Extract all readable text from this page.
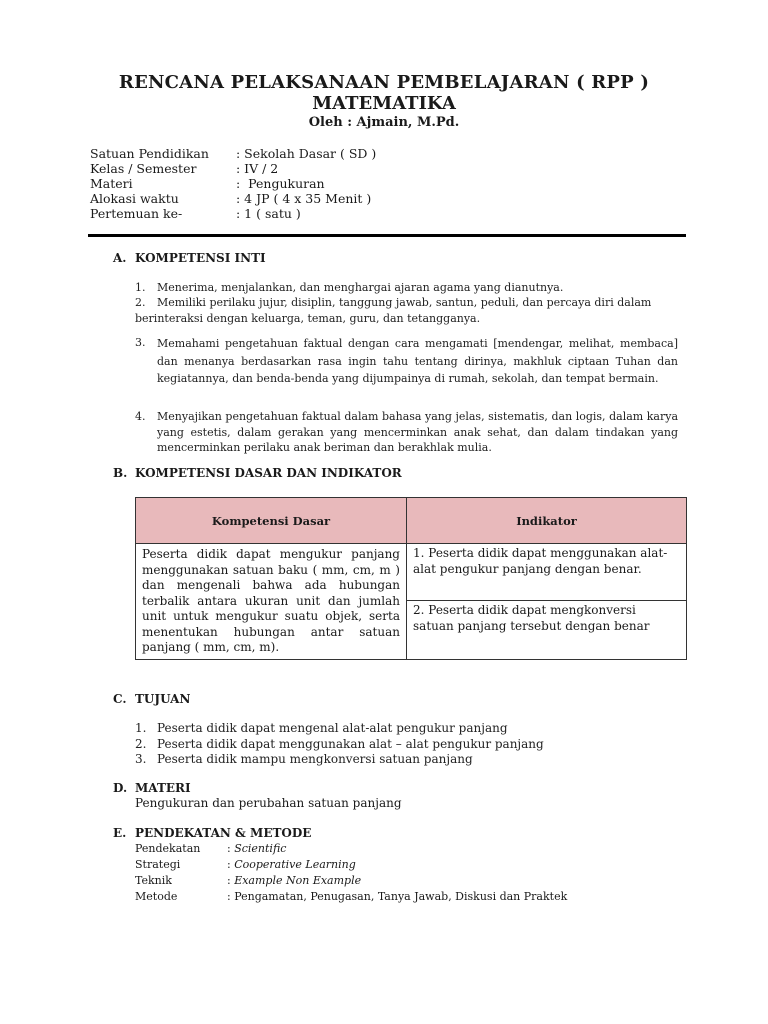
RENCANA PELAKSANAAN PEMBELAJARAN ( RPP )
MATEMATIKA
Oleh : Ajmain, M.Pd.
Satuan Pendidikan	: Sekolah Dasar ( SD )
Kelas / Semester	: IV / 2
Materi	:  Pengukuran
Alokasi waktu	: 4 JP ( 4 x 35 Menit )
Pertemuan ke-	: 1 ( satu )
A. KOMPETENSI INTI
1.	Menerima, menjalankan, dan menghargai ajaran agama yang dianutnya.
2.	Memiliki perilaku jujur, disiplin, tanggung jawab, santun, peduli, dan percaya diri dalam berinteraksi dengan keluarga, teman, guru, dan tetangganya.
3.	Memahami pengetahuan faktual dengan cara mengamati [mendengar, melihat, membaca] dan menanya berdasarkan rasa ingin tahu tentang dirinya, makhluk ciptaan Tuhan dan kegiatannya, dan benda-benda yang dijumpainya di rumah, sekolah, dan tempat bermain.
4.	Menyajikan pengetahuan faktual dalam bahasa yang jelas, sistematis, dan logis, dalam karya yang estetis, dalam gerakan yang mencerminkan anak sehat, dan dalam tindakan yang mencerminkan perilaku anak beriman dan berakhlak mulia.
B. KOMPETENSI DASAR DAN INDIKATOR
Kompetensi Dasar	Indikator
Peserta didik dapat mengukur panjang menggunakan satuan baku ( mm, cm, m ) dan mengenali bahwa ada hubungan terbalik antara ukuran unit dan jumlah unit untuk mengukur suatu objek, serta menentukan hubungan antar satuan panjang ( mm, cm, m).	1. Peserta didik dapat menggunakan alat-alat pengukur panjang dengan benar.
2. Peserta didik dapat mengkonversi satuan panjang tersebut dengan benar
C. TUJUAN
1. Peserta didik dapat mengenal alat-alat pengukur panjang
2. Peserta didik dapat menggunakan alat – alat pengukur panjang
3. Peserta didik mampu mengkonversi satuan panjang
D. MATERI
Pengukuran dan perubahan satuan panjang
E. PENDEKATAN & METODE
Pendekatan	: Scientific
Strategi	: Cooperative Learning
Teknik	: Example Non Example
Metode	: Pengamatan, Penugasan, Tanya Jawab, Diskusi dan Praktek
